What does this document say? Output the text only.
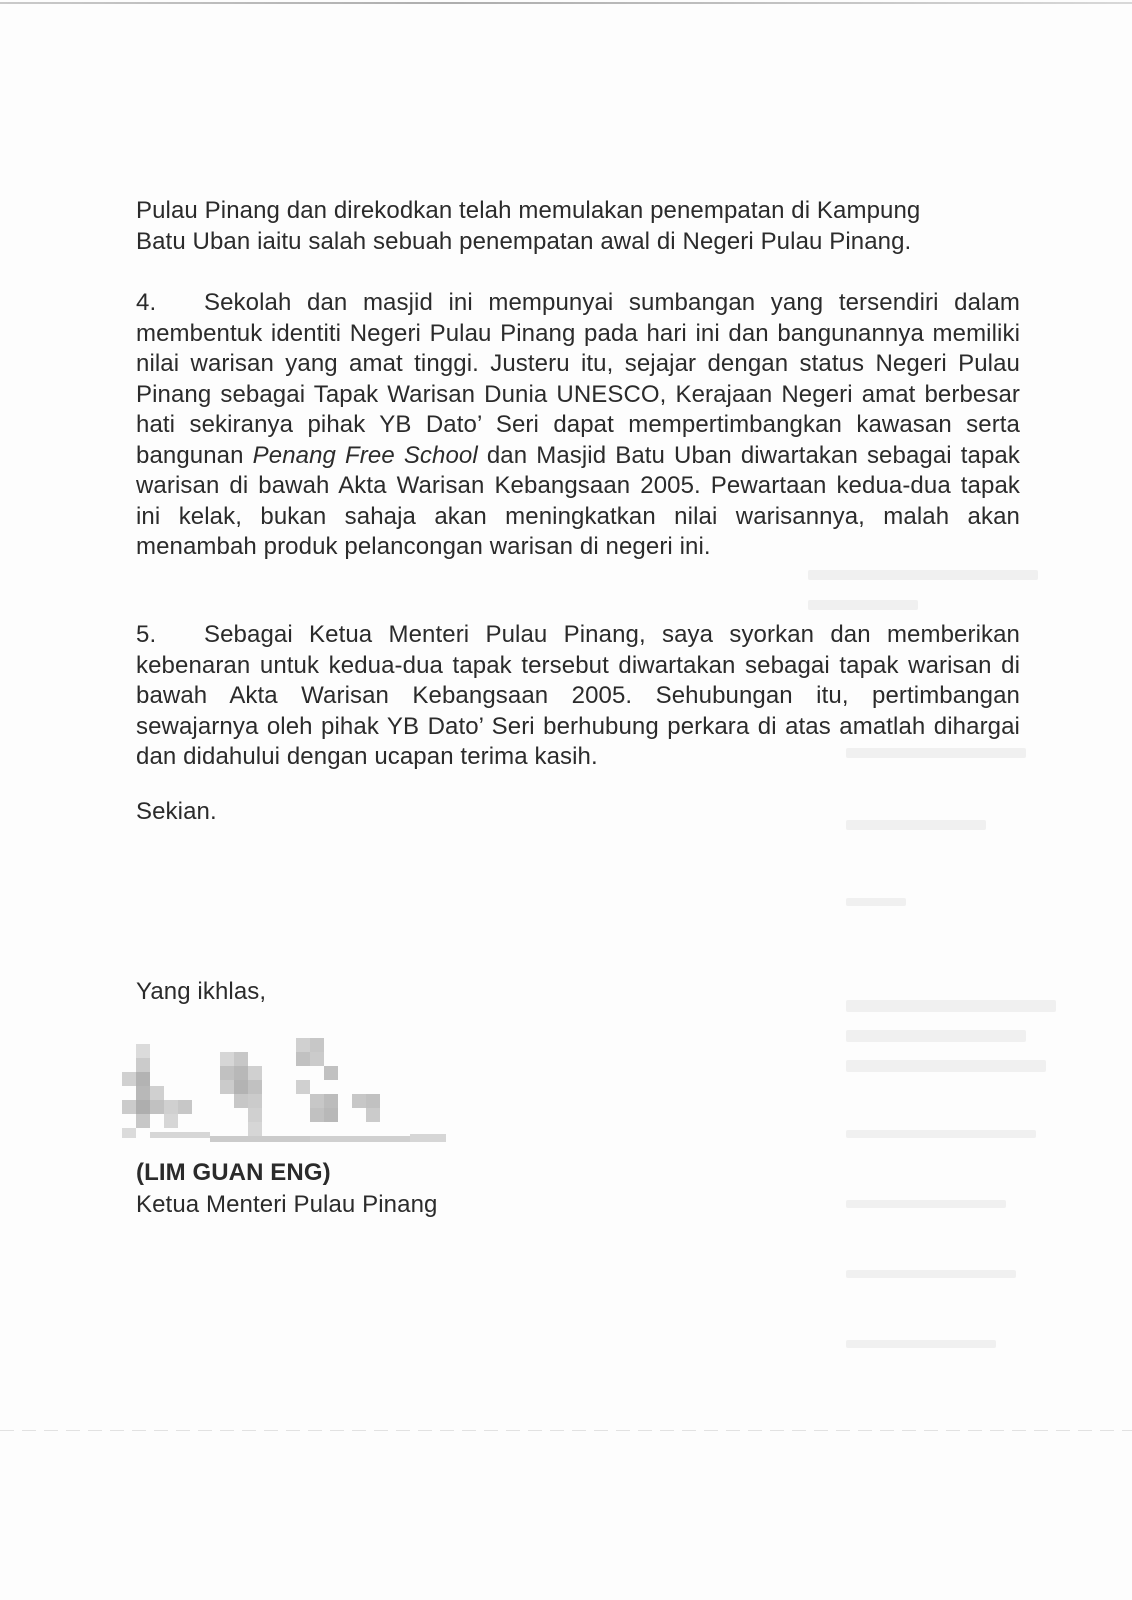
Pulau Pinang dan direkodkan telah memulakan penempatan di Kampung
Batu Uban iaitu salah sebuah penempatan awal di Negeri Pulau Pinang.
4. Sekolah dan masjid ini mempunyai sumbangan yang tersendiri dalam membentuk identiti Negeri Pulau Pinang pada hari ini dan bangunannya memiliki nilai warisan yang amat tinggi. Justeru itu, sejajar dengan status Negeri Pulau Pinang sebagai Tapak Warisan Dunia UNESCO, Kerajaan Negeri amat berbesar hati sekiranya pihak YB Dato’ Seri dapat mempertimbangkan kawasan serta bangunan Penang Free School dan Masjid Batu Uban diwartakan sebagai tapak warisan di bawah Akta Warisan Kebangsaan 2005. Pewartaan kedua-dua tapak ini kelak, bukan sahaja akan meningkatkan nilai warisannya, malah akan menambah produk pelancongan warisan di negeri ini.
5. Sebagai Ketua Menteri Pulau Pinang, saya syorkan dan memberikan kebenaran untuk kedua-dua tapak tersebut diwartakan sebagai tapak warisan di bawah Akta Warisan Kebangsaan 2005. Sehubungan itu, pertimbangan sewajarnya oleh pihak YB Dato’ Seri berhubung perkara di atas amatlah dihargai dan didahului dengan ucapan terima kasih.
Sekian.
Yang ikhlas,
(LIM GUAN ENG)
Ketua Menteri Pulau Pinang
